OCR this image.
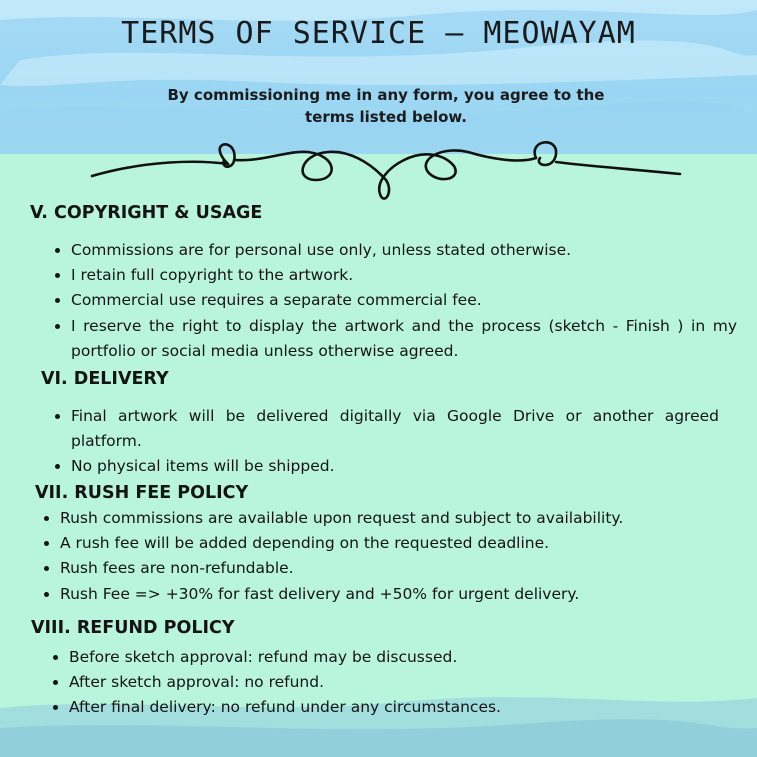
TERMS OF SERVICE – MEOWAYAM
By commissioning me in any form, you agree to the terms listed below.
V. COPYRIGHT & USAGE
• Commissions are for personal use only, unless stated otherwise.
• I retain full copyright to the artwork.
• Commercial use requires a separate commercial fee.
• I reserve the right to display the artwork and the process (sketch - Finish ) in my portfolio or social media unless otherwise agreed.
VI. DELIVERY
• Final artwork will be delivered digitally via Google Drive or another agreed platform.
• No physical items will be shipped.
VII. RUSH FEE POLICY
• Rush commissions are available upon request and subject to availability.
• A rush fee will be added depending on the requested deadline.
• Rush fees are non-refundable.
• Rush Fee => +30% for fast delivery and +50% for urgent delivery.
VIII. REFUND POLICY
• Before sketch approval: refund may be discussed.
• After sketch approval: no refund.
• After final delivery: no refund under any circumstances.
